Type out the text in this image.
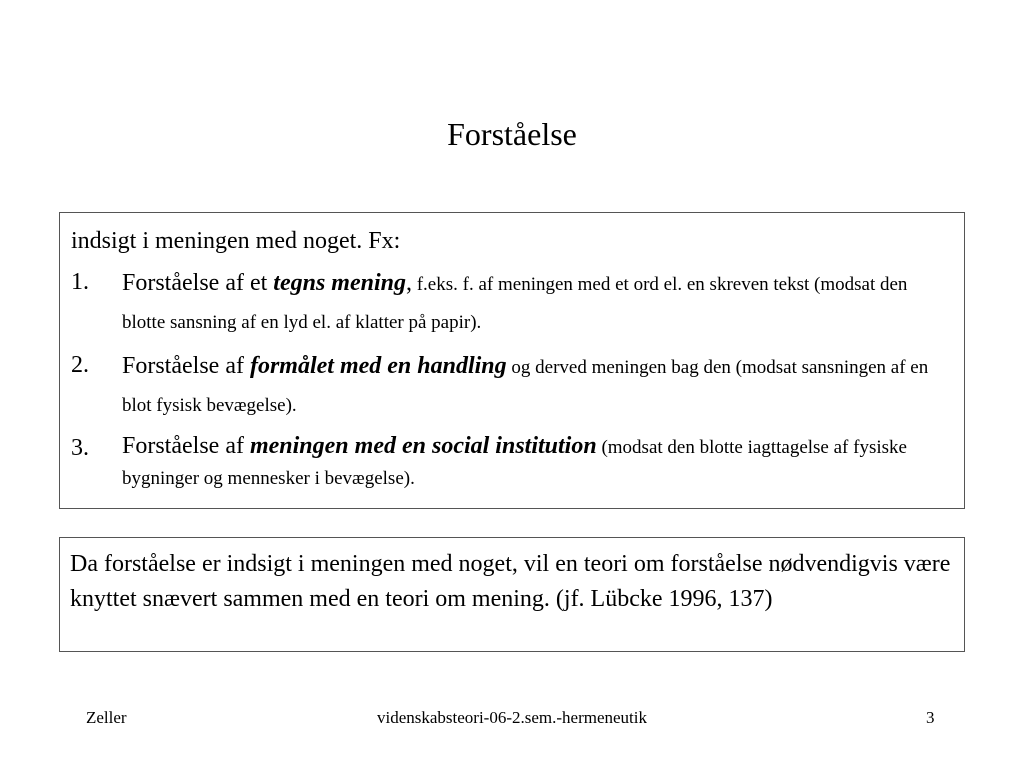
Forståelse
indsigt i meningen med noget. Fx:
1.	Forståelse af et tegns mening, f.eks. f. af meningen med et ord el. en skreven tekst (modsat den blotte sansning af en lyd el. af klatter på papir).
2.	Forståelse af formålet med en handling og derved meningen bag den (modsat sansningen af en blot fysisk bevægelse).
3.	Forståelse af meningen med en social institution (modsat den blotte iagttagelse af fysiske bygninger og mennesker i bevægelse).
Da forståelse er indsigt i meningen med noget, vil en teori om forståelse nødvendigvis være knyttet snævert sammen med en teori om mening. (jf. Lübcke 1996, 137)
Zeller	videnskabsteori-06-2.sem.-hermeneutik	3
